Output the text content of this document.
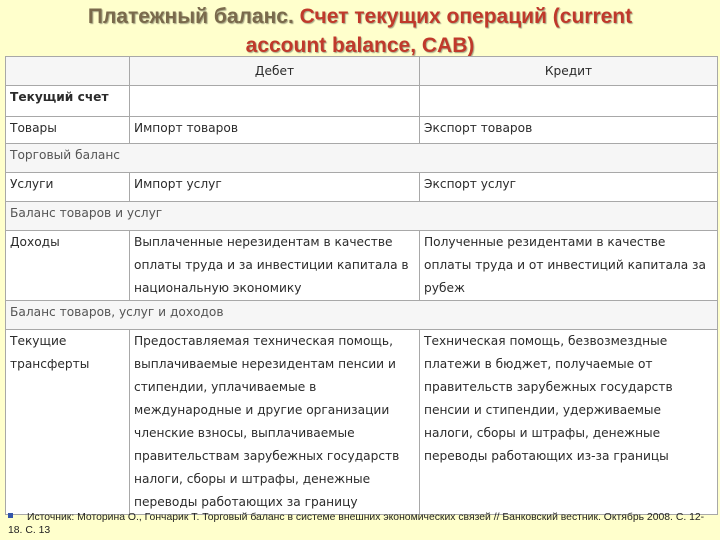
Платежный баланс. Счет текущих операций (current
account balance, CAB)
	Дебет	Кредит
Текущий счет		
Товары	Импорт товаров	Экспорт товаров
Торговый баланс		
Услуги	Импорт услуг	Экспорт услуг
Баланс товаров и услуг		
Доходы	Выплаченные нерезидентам в качестве оплаты труда и за инвестиции капитала в национальную экономику	Полученные резидентами в качестве оплаты труда и от инвестиций капитала за рубеж
Баланс товаров, услуг и доходов		
Текущие трансферты	Предоставляемая техническая помощь, выплачиваемые нерезидентам пенсии и стипендии, уплачиваемые в международные и другие организации членские взносы, выплачиваемые правительствам зарубежных государств налоги, сборы и штрафы, денежные переводы работающих за границу	Техническая помощь, безвозмездные платежи в бюджет, получаемые от правительств зарубежных государств пенсии и стипендии, удерживаемые налоги, сборы и штрафы, денежные переводы работающих из-за границы
Источник: Моторина О., Гончарик Т. Торговый баланс в системе внешних экономических связей // Банковский вестник. Октябрь 2008. С. 12-18. С. 13
